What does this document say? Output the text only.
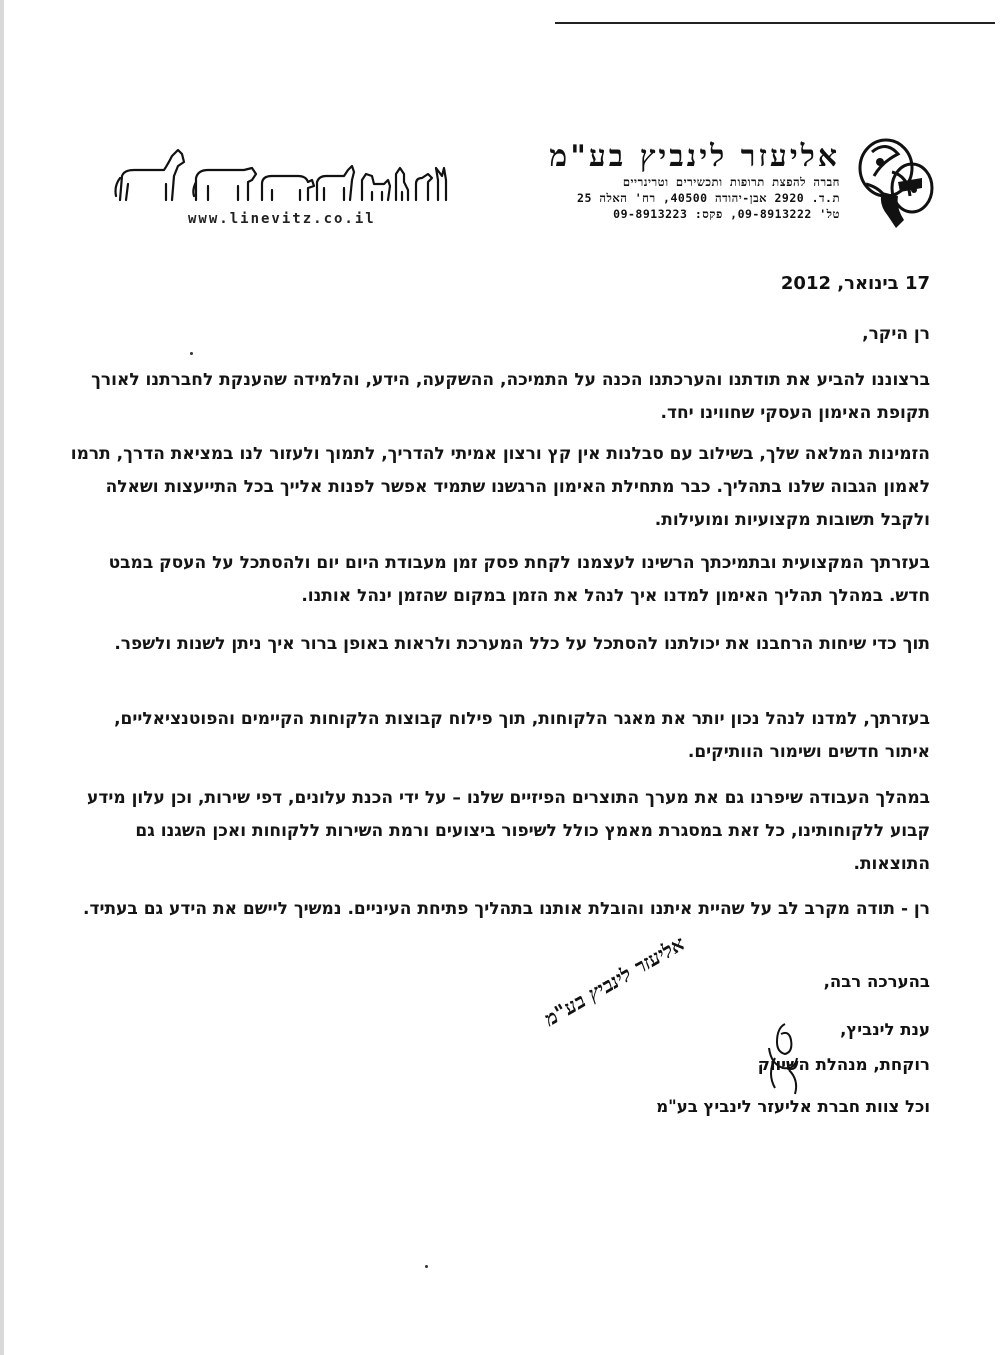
www.linevitz.co.il
אליעזר לינביץ בע"מ
חברה להפצת תרופות ותכשירים וטרינריים
ת.ד. 2920 אבן-יהודה 40500, רח' האלה 25
טל' 09-8913222, פקס: 09-8913223
17 בינואר, 2012

רן היקר,

ברצוננו להביע את תודתנו והערכתנו הכנה על התמיכה, ההשקעה, הידע, והלמידה שהענקת לחברתנו לאורך תקופת האימון העסקי שחווינו יחד.

הזמינות המלאה שלך, בשילוב עם סבלנות אין קץ ורצון אמיתי להדריך, לתמוך ולעזור לנו במציאת הדרך, תרמו לאמון הגבוה שלנו בתהליך. כבר מתחילת האימון הרגשנו שתמיד אפשר לפנות אלייך בכל התייעצות ושאלה ולקבל תשובות מקצועיות ומועילות.

בעזרתך המקצועית ובתמיכתך הרשינו לעצמנו לקחת פסק זמן מעבודת היום יום ולהסתכל על העסק במבט חדש. במהלך תהליך האימון למדנו איך לנהל את הזמן במקום שהזמן ינהל אותנו.

תוך כדי שיחות הרחבנו את יכולתנו להסתכל על כלל המערכת ולראות באופן ברור איך ניתן לשנות ולשפר.

בעזרתך, למדנו לנהל נכון יותר את מאגר הלקוחות, תוך פילוח קבוצות הלקוחות הקיימים והפוטנציאליים, איתור חדשים ושימור הוותיקים.

במהלך העבודה שיפרנו גם את מערך התוצרים הפיזיים שלנו – על ידי הכנת עלונים, דפי שירות, וכן עלון מידע קבוע ללקוחותינו, כל זאת במסגרת מאמץ כולל לשיפור ביצועים ורמת השירות ללקוחות ואכן השגנו גם התוצאות.

רן - תודה מקרב לב על שהיית איתנו והובלת אותנו בתהליך פתיחת העיניים. נמשיך ליישם את הידע גם בעתיד.

בהערכה רבה,
ענת לינביץ,
רוקחת, מנהלת השיווק
וכל צוות חברת אליעזר לינביץ בע"מ
אליעזר לינביץ בע"מ
